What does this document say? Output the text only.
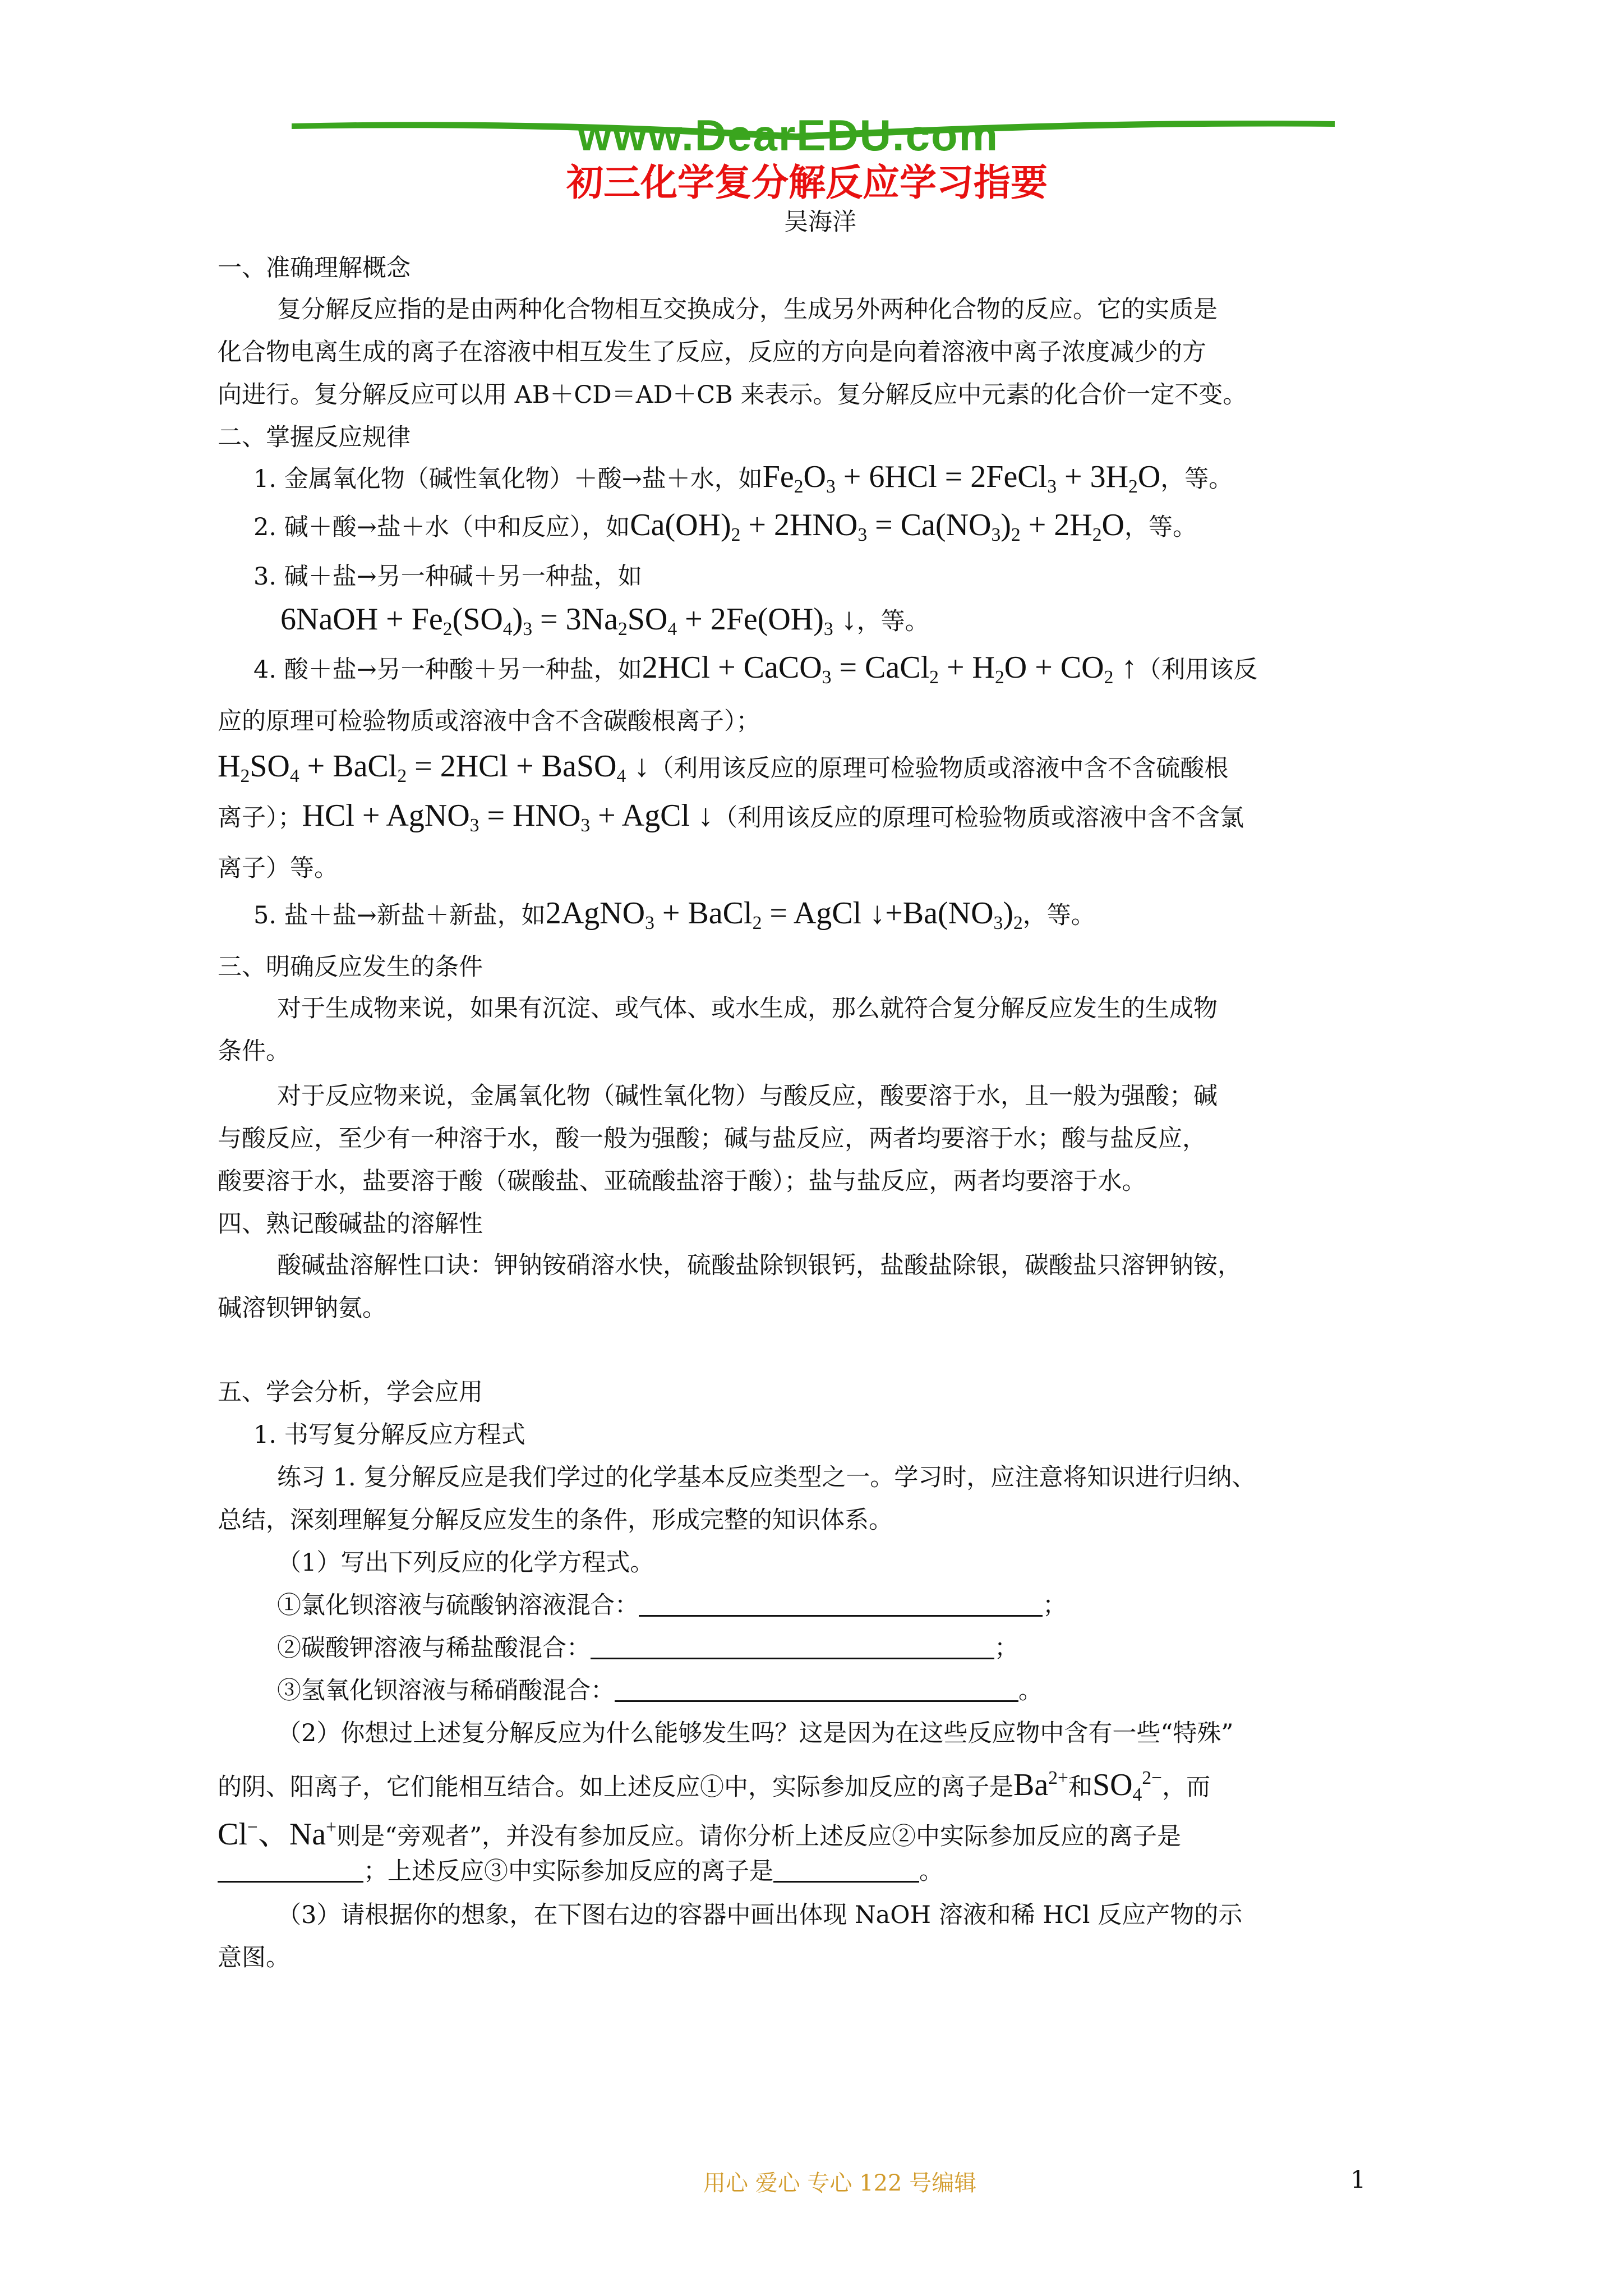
www.DearEDU.com
初三化学复分解反应学习指要
吴海洋
一、准确理解概念
复分解反应指的是由两种化合物相互交换成分，生成另外两种化合物的反应。它的实质是
化合物电离生成的离子在溶液中相互发生了反应，反应的方向是向着溶液中离子浓度减少的方
向进行。复分解反应可以用 AB＋CD＝AD＋CB 来表示。复分解反应中元素的化合价一定不变。
二、掌握反应规律
1. 金属氧化物（碱性氧化物）＋酸→盐＋水，如$Fe_2O_3 + 6HCl$ = 2FeCl$_3$ + $3H_2O$，等。
2. 碱＋酸→盐＋水（中和反应），如$Ca(OH)_2 + 2HNO_3 = Ca(NO_3)_2 + 2H_2O$，等。
3. 碱＋盐→另一种碱＋另一种盐，如
6NaOH + $Fe_2(SO_4)_3 = 3Na_2SO_4 + 2Fe(OH)_3$ ↓，等。
4. 酸＋盐→另一种酸＋另一种盐，如2HCl + CaCO$_3$ = CaCl$_2$ + $H_2O + CO_2$ ↑（利用该反
应的原理可检验物质或溶液中含不含碳酸根离子）；
$H_2SO_4$ + BaCl$_2$ = 2HCl + BaSO$_4$ ↓（利用该反应的原理可检验物质或溶液中含不含硫酸根
离子）；HCl + AgNO$_3$ = $HNO_3$ + AgCl ↓（利用该反应的原理可检验物质或溶液中含不含氯
离子）等。
5. 盐＋盐→新盐＋新盐，如2AgNO$_3$ + BaCl$_2$ = AgCl $↓+Ba(NO_3)_2$，等。
三、明确反应发生的条件
对于生成物来说，如果有沉淀、或气体、或水生成，那么就符合复分解反应发生的生成物
条件。
对于反应物来说，金属氧化物（碱性氧化物）与酸反应，酸要溶于水，且一般为强酸；碱
与酸反应，至少有一种溶于水，酸一般为强酸；碱与盐反应，两者均要溶于水；酸与盐反应，
酸要溶于水，盐要溶于酸（碳酸盐、亚硫酸盐溶于酸）；盐与盐反应，两者均要溶于水。
四、熟记酸碱盐的溶解性
酸碱盐溶解性口诀：钾钠铵硝溶水快，硫酸盐除钡银钙，盐酸盐除银，碳酸盐只溶钾钠铵，
碱溶钡钾钠氨。
五、学会分析，学会应用
1. 书写复分解反应方程式
练习 1. 复分解反应是我们学过的化学基本反应类型之一。学习时，应注意将知识进行归纳、
总结，深刻理解复分解反应发生的条件，形成完整的知识体系。
（1）写出下列反应的化学方程式。
①氯化钡溶液与硫酸钠溶液混合：	；
②碳酸钾溶液与稀盐酸混合：	；
③氢氧化钡溶液与稀硝酸混合：	。
（2）你想过上述复分解反应为什么能够发生吗？这是因为在这些反应物中含有一些“特殊”
的阴、阳离子，它们能相互结合。如上述反应①中，实际参加反应的离子是$Ba^{2+}$和$SO_4^{2-}$，而
Cl−、Na+则是“旁观者”，并没有参加反应。请你分析上述反应②中实际参加反应的离子是
；上述反应③中实际参加反应的离子是	。
（3）请根据你的想象，在下图右边的容器中画出体现 NaOH 溶液和稀 HCl 反应产物的示
意图。
用心 爱心 专心 122 号编辑	1
